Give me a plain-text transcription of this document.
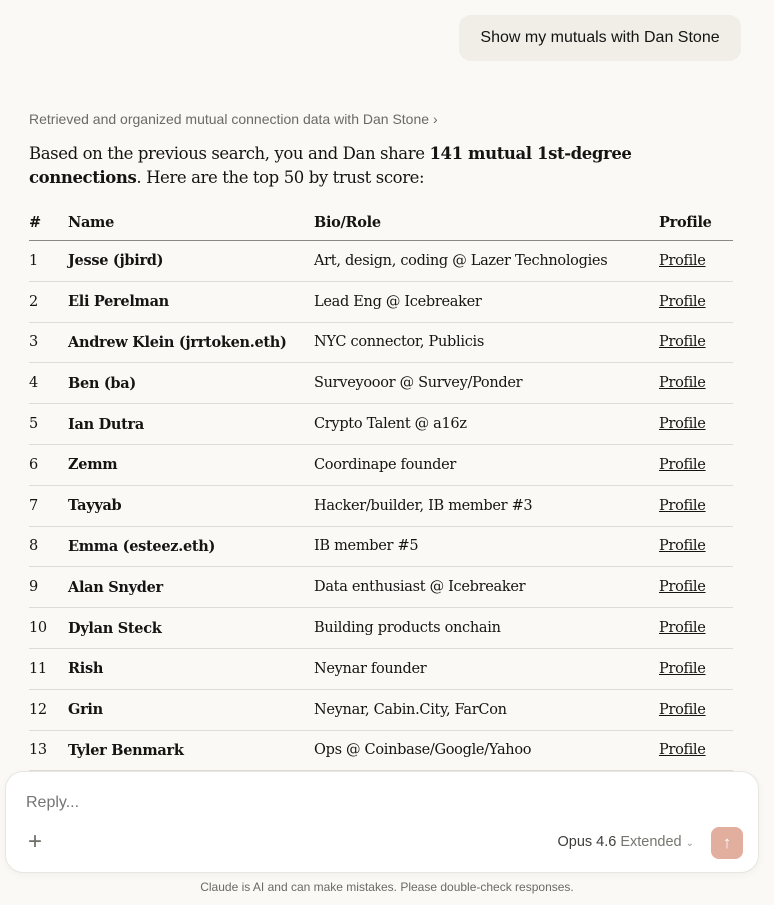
Show my mutuals with Dan Stone
Retrieved and organized mutual connection data with Dan Stone ›
Based on the previous search, you and Dan share 141 mutual 1st-degree connections. Here are the top 50 by trust score:
#	Name	Bio/Role	Profile
1	Jesse (jbird)	Art, design, coding @ Lazer Technologies	Profile
2	Eli Perelman	Lead Eng @ Icebreaker	Profile
3	Andrew Klein (jrrtoken.eth)	NYC connector, Publicis	Profile
4	Ben (ba)	Surveyooor @ Survey/Ponder	Profile
5	Ian Dutra	Crypto Talent @ a16z	Profile
6	Zemm	Coordinape founder	Profile
7	Tayyab	Hacker/builder, IB member #3	Profile
8	Emma (esteez.eth)	IB member #5	Profile
9	Alan Snyder	Data enthusiast @ Icebreaker	Profile
10	Dylan Steck	Building products onchain	Profile
11	Rish	Neynar founder	Profile
12	Grin	Neynar, Cabin.City, FarCon	Profile
13	Tyler Benmark	Ops @ Coinbase/Google/Yahoo	Profile
Reply...
+	Opus 4.6 Extended ⌄ ↑
Claude is AI and can make mistakes. Please double-check responses.
